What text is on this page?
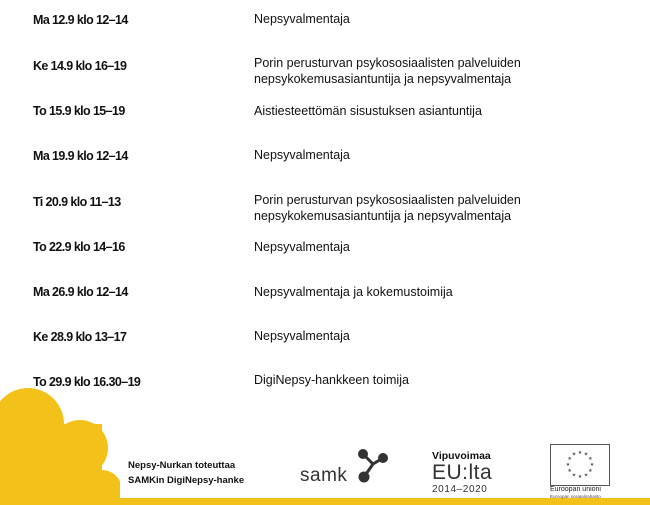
Ma 12.9 klo 12–14	Nepsyvalmentaja
Ke 14.9 klo 16–19	Porin perusturvan psykososiaalisten palveluiden
nepsykokemusasiantuntija ja nepsyvalmentaja
To 15.9 klo 15–19	Aistiesteettömän sisustuksen asiantuntija
Ma 19.9 klo 12–14	Nepsyvalmentaja
Ti 20.9 klo 11–13	Porin perusturvan psykososiaalisten palveluiden
nepsykokemusasiantuntija ja nepsyvalmentaja
To 22.9 klo 14–16	Nepsyvalmentaja
Ma 26.9 klo 12–14	Nepsyvalmentaja ja kokemustoimija
Ke 28.9 klo 13–17	Nepsyvalmentaja
To 29.9 klo 16.30–19	DigiNepsy-hankkeen toimija
Nepsy-Nurkan toteuttaa
SAMKin DigiNepsy-hanke	samk
Vipuvoimaa
EU:lta
2014–2020
★ ★
★
★
★
★
★
★
★
★
★
★
Euroopan unioni
Euroopan sosiaalirahasto
